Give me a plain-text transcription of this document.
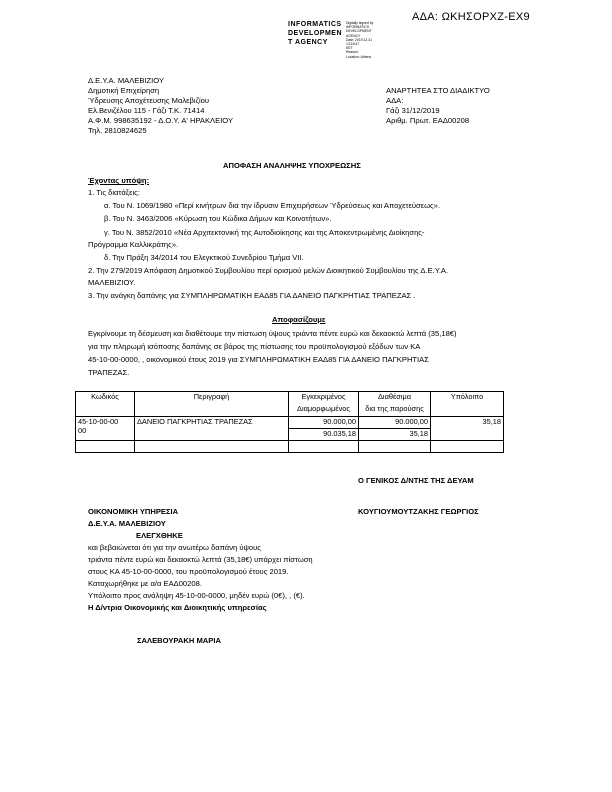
INFORMATICS
DEVELOPMEN
T AGENCY
Digitally signed by
INFORMATICS
DEVELOPMENT AGENCY
Date: 2019.12.31 13:18:47
EET
Reason:
Location: Athens
ΑΔΑ: ΩΚΗΣΟΡΧΖ-ΕΧ9
Δ.Ε.Υ.Α. ΜΑΛΕΒΙΖΙΟΥ
Δημοτική Επιχείρηση
Ύδρευσης Αποχέτευσης Μαλεβιζίου
Ελ.Βενιζέλου 115 - Γάζι Τ.Κ. 71414
Α.Φ.Μ. 998635192 - Δ.Ο.Υ. Α' ΗΡΑΚΛΕΙΟΥ
Τηλ. 2810824625
ΑΝΑΡΤΗΤΕΑ ΣΤΟ ΔΙΑΔΙΚΤΥΟ
ΑΔΑ:
Γάζι 31/12/2019
Αριθμ. Πρωτ. ΕΑΔ00208
ΑΠΟΦΑΣΗ ΑΝΑΛΗΨΗΣ ΥΠΟΧΡΕΩΣΗΣ
Έχοντας υπόψη:
1. Τις διατάξεις:
α. Του Ν. 1069/1980 «Περί κινήτρων δια την ίδρυσιν Επιχειρήσεων Ύδρεύσεως και Αποχετεύσεως».
β. Του Ν. 3463/2006 «Κύρωση του Κώδικα Δήμων και Κοινοτήτων».
γ. Του Ν. 3852/2010 «Νέα Αρχιτεκτονική της Αυτοδιοίκησης και της Αποκεντρωμένης Διοίκησης-
Πρόγραμμα Καλλικράτης».
δ. Την Πράξη 34/2014 του Ελεγκτικού Συνεδρίου Τμήμα VII.
2. Την 279/2019 Απόφαση Δημοτικού Συμβουλίου περί ορισμού μελών Διοικητικού Συμβουλίου της Δ.Ε.Υ.Α.
ΜΑΛΕΒΙΖΙΟΥ.
3. Την ανάγκη δαπάνης για ΣΥΜΠΛΗΡΩΜΑΤΙΚΗ ΕΑΔ85 ΓΙΑ ΔΑΝΕΙΟ ΠΑΓΚΡΗΤΙΑΣ ΤΡΑΠΕΖΑΣ .
Αποφασίζουμε
Εγκρίνουμε τη δέσμευση και διαθέτουμε την πίστωση ύψους τριάντα πέντε ευρώ και δεκαοκτώ λεπτά (35,18€)
για την πληρωμή ισόποσης δαπάνης σε βάρος της πίστωσης του προϋπολογισμού εξόδων των ΚΑ
45-10-00-0000, , οικονομικού έτους 2019 για ΣΥΜΠΛΗΡΩΜΑΤΙΚΗ ΕΑΔ85 ΓΙΑ ΔΑΝΕΙΟ ΠΑΓΚΡΗΤΙΑΣ
ΤΡΑΠΕΖΑΣ.
Κωδικός	Περιγραφή	Εγκεκριμένος	Διαθέσιμα	Υπόλοιπο
		Διαμορφωμένος	δια της παρούσης	

45-10-00-00
00	ΔΑΝΕΙΟ ΠΑΓΚΡΗΤΙΑΣ ΤΡΑΠΕΖΑΣ	90.000,00	90.000,00	35,18
		90.035,18	35,18	

Ο ΓΕΝΙΚΟΣ Δ/ΝΤΗΣ ΤΗΣ ΔΕΥΑΜ
ΟΙΚΟΝΟΜΙΚΗ ΥΠΗΡΕΣΙΑ	ΚΟΥΓΙΟΥΜΟΥΤΖΑΚΗΣ ΓΕΩΡΓΙΟΣ
Δ.Ε.Υ.Α. ΜΑΛΕΒΙΖΙΟΥ
ΕΛΕΓΧΘΗΚΕ
και βεβαιώνεται ότι για την ανωτέρω δαπάνη ύψους
τριάντα πέντε ευρώ και δεκαοκτώ λεπτά (35,18€) υπάρχει πίστωση
στους ΚΑ 45-10-00-0000, του προϋπολογισμού έτους 2019.
Καταχωρήθηκε με α/α ΕΑΔ00208.
Υπόλοιπο προς ανάληψη 45-10-00-0000, μηδέν ευρώ (0€), , (€).
Η Δ/ντρια Οικονομικής και Διοικητικής υπηρεσίας
ΣΑΛΕΒΟΥΡΑΚΗ ΜΑΡΙΑ
